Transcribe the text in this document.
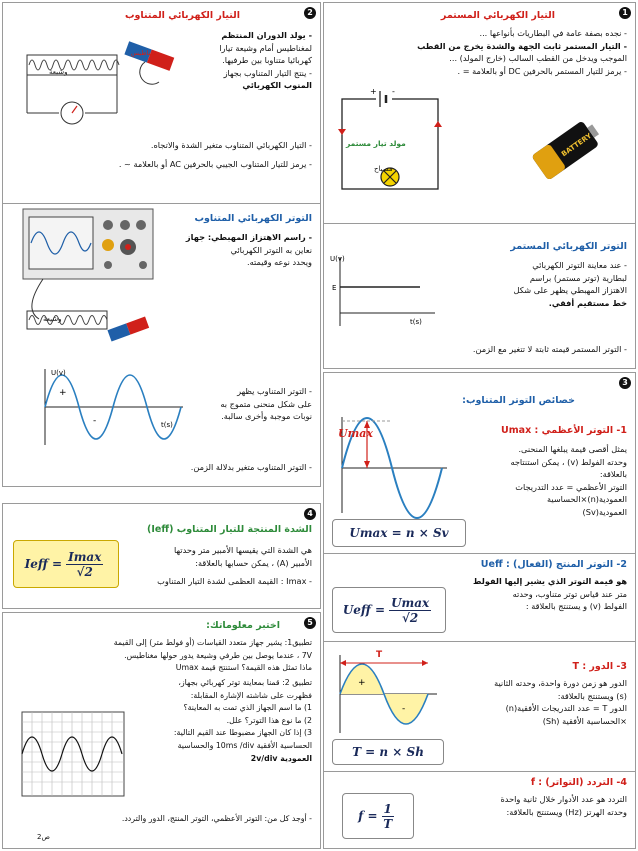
1
التيار الكهربائي المستمر

- نجده بصفة عامة في البطاريات بأنواعها ...

- التيار المستمر ثابت الجهة والشدة يخرج من القطب

الموجب ويدخل من القطب السالب (خارج المولد) ...

- يرمز للتيار المستمر بالحرفين DC أو بالعلامة = .

+ -
مولد تيار مستمر
مصباح
BATTERY
التوتر الكهربائي المستمر
U(v)
E
t(s)

- عند معاينة التوتر الكهربائي

لبطارية (توتر مستمر) براسم

الاهتزاز المهبطي يظهر على شكل

خط مستقيم أفقي.

- التوتر المستمر قيمته ثابتة لا تتغير مع الزمن.
2
التيار الكهربائي المتناوب
وشيعة
مغناطيس

- يولد الدوران المنتظم

لمغناطيس أمام وشيعة تيارا

كهربائيا متناوبا بين طرفيها.

- ينتج التيار المتناوب بجهاز

المنوب الكهربائي

- التيار الكهربائي المتناوب متغير الشدة والاتجاه.

- يرمز للتيار المتناوب الجيبي بالحرفين AC أو بالعلامة ~ .

التوتر الكهربائي المتناوب
وشيعة

- راسم الاهتزاز المهبطي: جهاز

نعاين به التوتر الكهربائي

ويحدد نوعه وقيمته.

U(v)
t(s)
+
-

- التوتر المتناوب يظهر

على شكل منحنى متموج به

نوبات موجبة وأخرى سالبة.

- التوتر المتناوب متغير بدلالة الزمن.
3
خصائص التوتر المتناوب:
Umax	1- التوتر الأعظمي : Umax

يمثل أقصى قيمة يبلغها المنحنى.

وحدته الفولط (v) ، يمكن استنتاجه

بالعلاقة:

التوتر الأعظمي = عدد التدريجات

العمودية(n)×الحساسية

العمودية(Sv)

Umax = n × Sv
2- التوتر المنتج (الفعال) : Ueff

هو قيمة التوتر الذي يشير إليها الفولط

متر عند قياس توتر متناوب، وحدته

الفولط (v) و يستنتج بالعلاقة :

Ueff = $\frac{Umax}{√2}$
+
-
T
3- الدور : T

الدور هو زمن دورة واحدة، وحدته الثانية

(s) ويستنتج بالعلاقة:

الدور T = عدد التدريجات الأفقية(n)

×الحساسية الأفقية (Sh)

T = n × Sh
4- التردد (التواتر) : f

التردد هو عدد الأدوار خلال ثانية واحدة

وحدته الهرتز (Hz) ويستنتج بالعلاقة:

$f = \frac{1}{T}$
4
الشدة المنتجة للتيار المتناوب (Ieff)

هي الشدة التي يقيسها الأمبير متر وحدتها

الأمبير (A) ، يمكن حسابها بالعلاقة:

- Imax : القيمة العظمى لشدة التيار المتناوب

Ieff = $\frac{Imax}{√2}$
5
اختبر معلوماتك:

تطبيق1: يشير جهاز متعدد القياسات (أو فولط متر) إلى القيمة

7V ، عندما يوصل بين طرفي وشيعة يدور حولها مغناطيس.

ماذا تمثل هذه القيمة؟ استنتج قيمة Umax

تطبيق 2: قمنا بمعاينة توتر كهربائي بجهاز،

فظهرت على شاشته الإشارة المقابلة:

1) ما اسم الجهاز الذي تمت به المعاينة؟

2) ما نوع هذا التوتر؟ علل.

3) إذا كان الجهاز مضبوطا عند القيم التالية:

الحساسية الأفقية 10ms /div والحساسية

العمودية 2v/div

- أوجد كل من: التوتر الأعظمي، التوتر المنتج، الدور والتردد.
ص2
